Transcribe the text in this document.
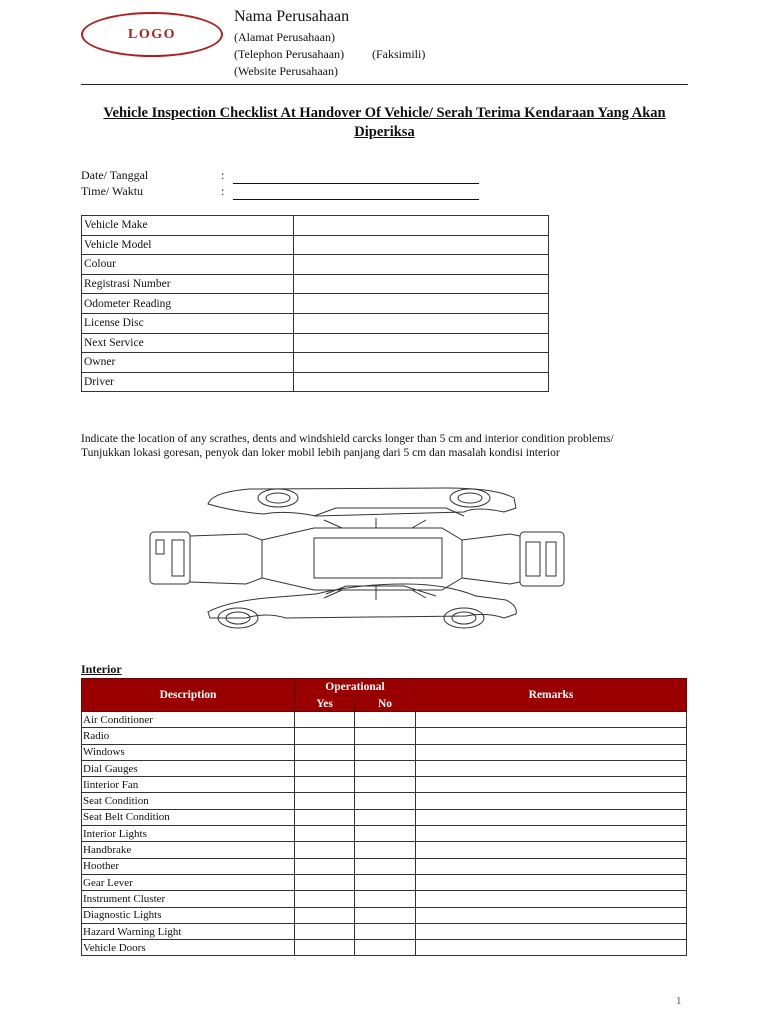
LOGO
Nama Perusahaan
(Alamat Perusahaan)
(Telephon Perusahaan) (Faksimili)
(Website Perusahaan)
Vehicle Inspection Checklist At Handover Of Vehicle/ Serah Terima Kendaraan Yang Akan Diperiksa
Date/ Tanggal	:
Time/ Waktu	:
Vehicle Make	
Vehicle Model	
Colour	
Registrasi Number	
Odometer Reading	
License Disc	
Next Service	
Owner	
Driver	
Indicate the location of any scrathes, dents and windshield carcks longer than 5 cm and interior condition problems/
Tunjukkan lokasi goresan, penyok dan loker mobil lebih panjang dari 5 cm dan masalah kondisi interior
Interior
Description	Operational		Remarks
	Yes	No	
Air Conditioner			
Radio			
Windows			
Dial Gauges			
Iinterior Fan			
Seat Condition			
Seat Belt Condition			
Interior Lights			
Handbrake			
Hoother			
Gear Lever			
Instrument Cluster			
Diagnostic Lights			
Hazard Warning Light			
Vehicle Doors			
1
